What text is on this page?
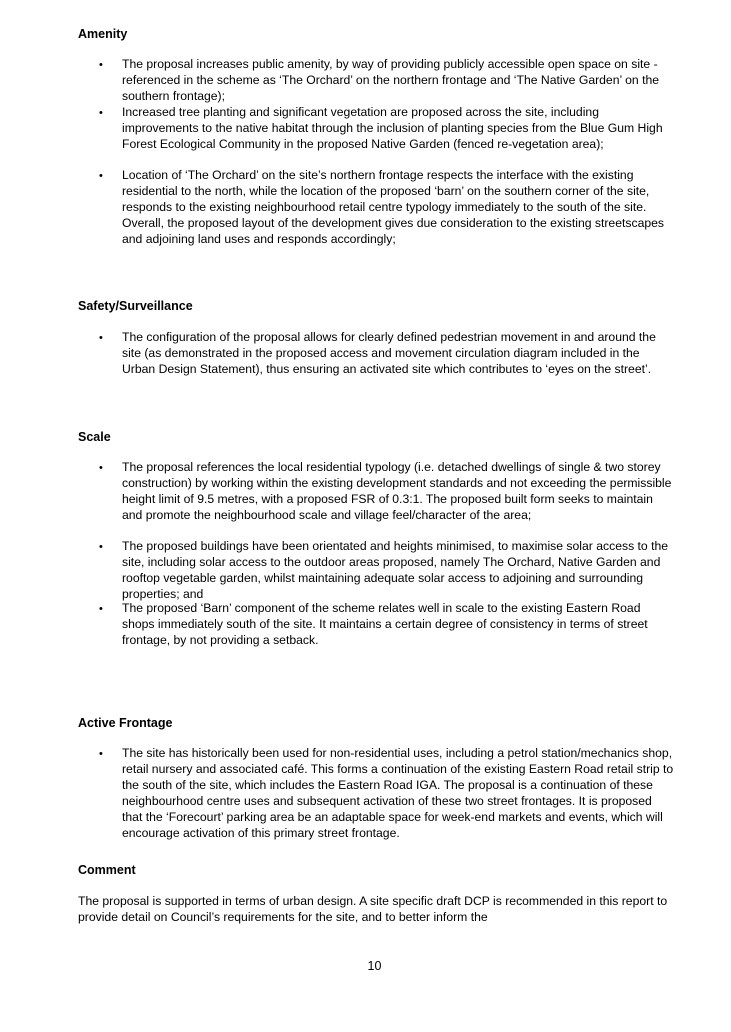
Amenity
• The proposal increases public amenity, by way of providing publicly accessible open space on site - referenced in the scheme as ‘The Orchard’ on the northern frontage and ‘The Native Garden’ on the southern frontage);

• Increased tree planting and significant vegetation are proposed across the site, including improvements to the native habitat through the inclusion of planting species from the Blue Gum High Forest Ecological Community in the proposed Native Garden (fenced re-vegetation area);

• Location of ‘The Orchard’ on the site’s northern frontage respects the interface with the existing residential to the north, while the location of the proposed ‘barn’ on the southern corner of the site, responds to the existing neighbourhood retail centre typology immediately to the south of the site. Overall, the proposed layout of the development gives due consideration to the existing streetscapes and adjoining land uses and responds accordingly;

Safety/Surveillance
• The configuration of the proposal allows for clearly defined pedestrian movement in and around the site (as demonstrated in the proposed access and movement circulation diagram included in the Urban Design Statement), thus ensuring an activated site which contributes to ‘eyes on the street’.

Scale
• The proposal references the local residential typology (i.e. detached dwellings of single & two storey construction) by working within the existing development standards and not exceeding the permissible height limit of 9.5 metres, with a proposed FSR of 0.3:1. The proposed built form seeks to maintain and promote the neighbourhood scale and village feel/character of the area;

• The proposed buildings have been orientated and heights minimised, to maximise solar access to the site, including solar access to the outdoor areas proposed, namely The Orchard, Native Garden and rooftop vegetable garden, whilst maintaining adequate solar access to adjoining and surrounding properties; and

• The proposed ‘Barn’ component of the scheme relates well in scale to the existing Eastern Road shops immediately south of the site. It maintains a certain degree of consistency in terms of street frontage, by not providing a setback.

Active Frontage
• The site has historically been used for non-residential uses, including a petrol station/mechanics shop, retail nursery and associated café. This forms a continuation of the existing Eastern Road retail strip to the south of the site, which includes the Eastern Road IGA. The proposal is a continuation of these neighbourhood centre uses and subsequent activation of these two street frontages. It is proposed that the ‘Forecourt’ parking area be an adaptable space for week-end markets and events, which will encourage activation of this primary street frontage.

Comment

The proposal is supported in terms of urban design. A site specific draft DCP is recommended in this report to provide detail on Council’s requirements for the site, and to better inform the

10
